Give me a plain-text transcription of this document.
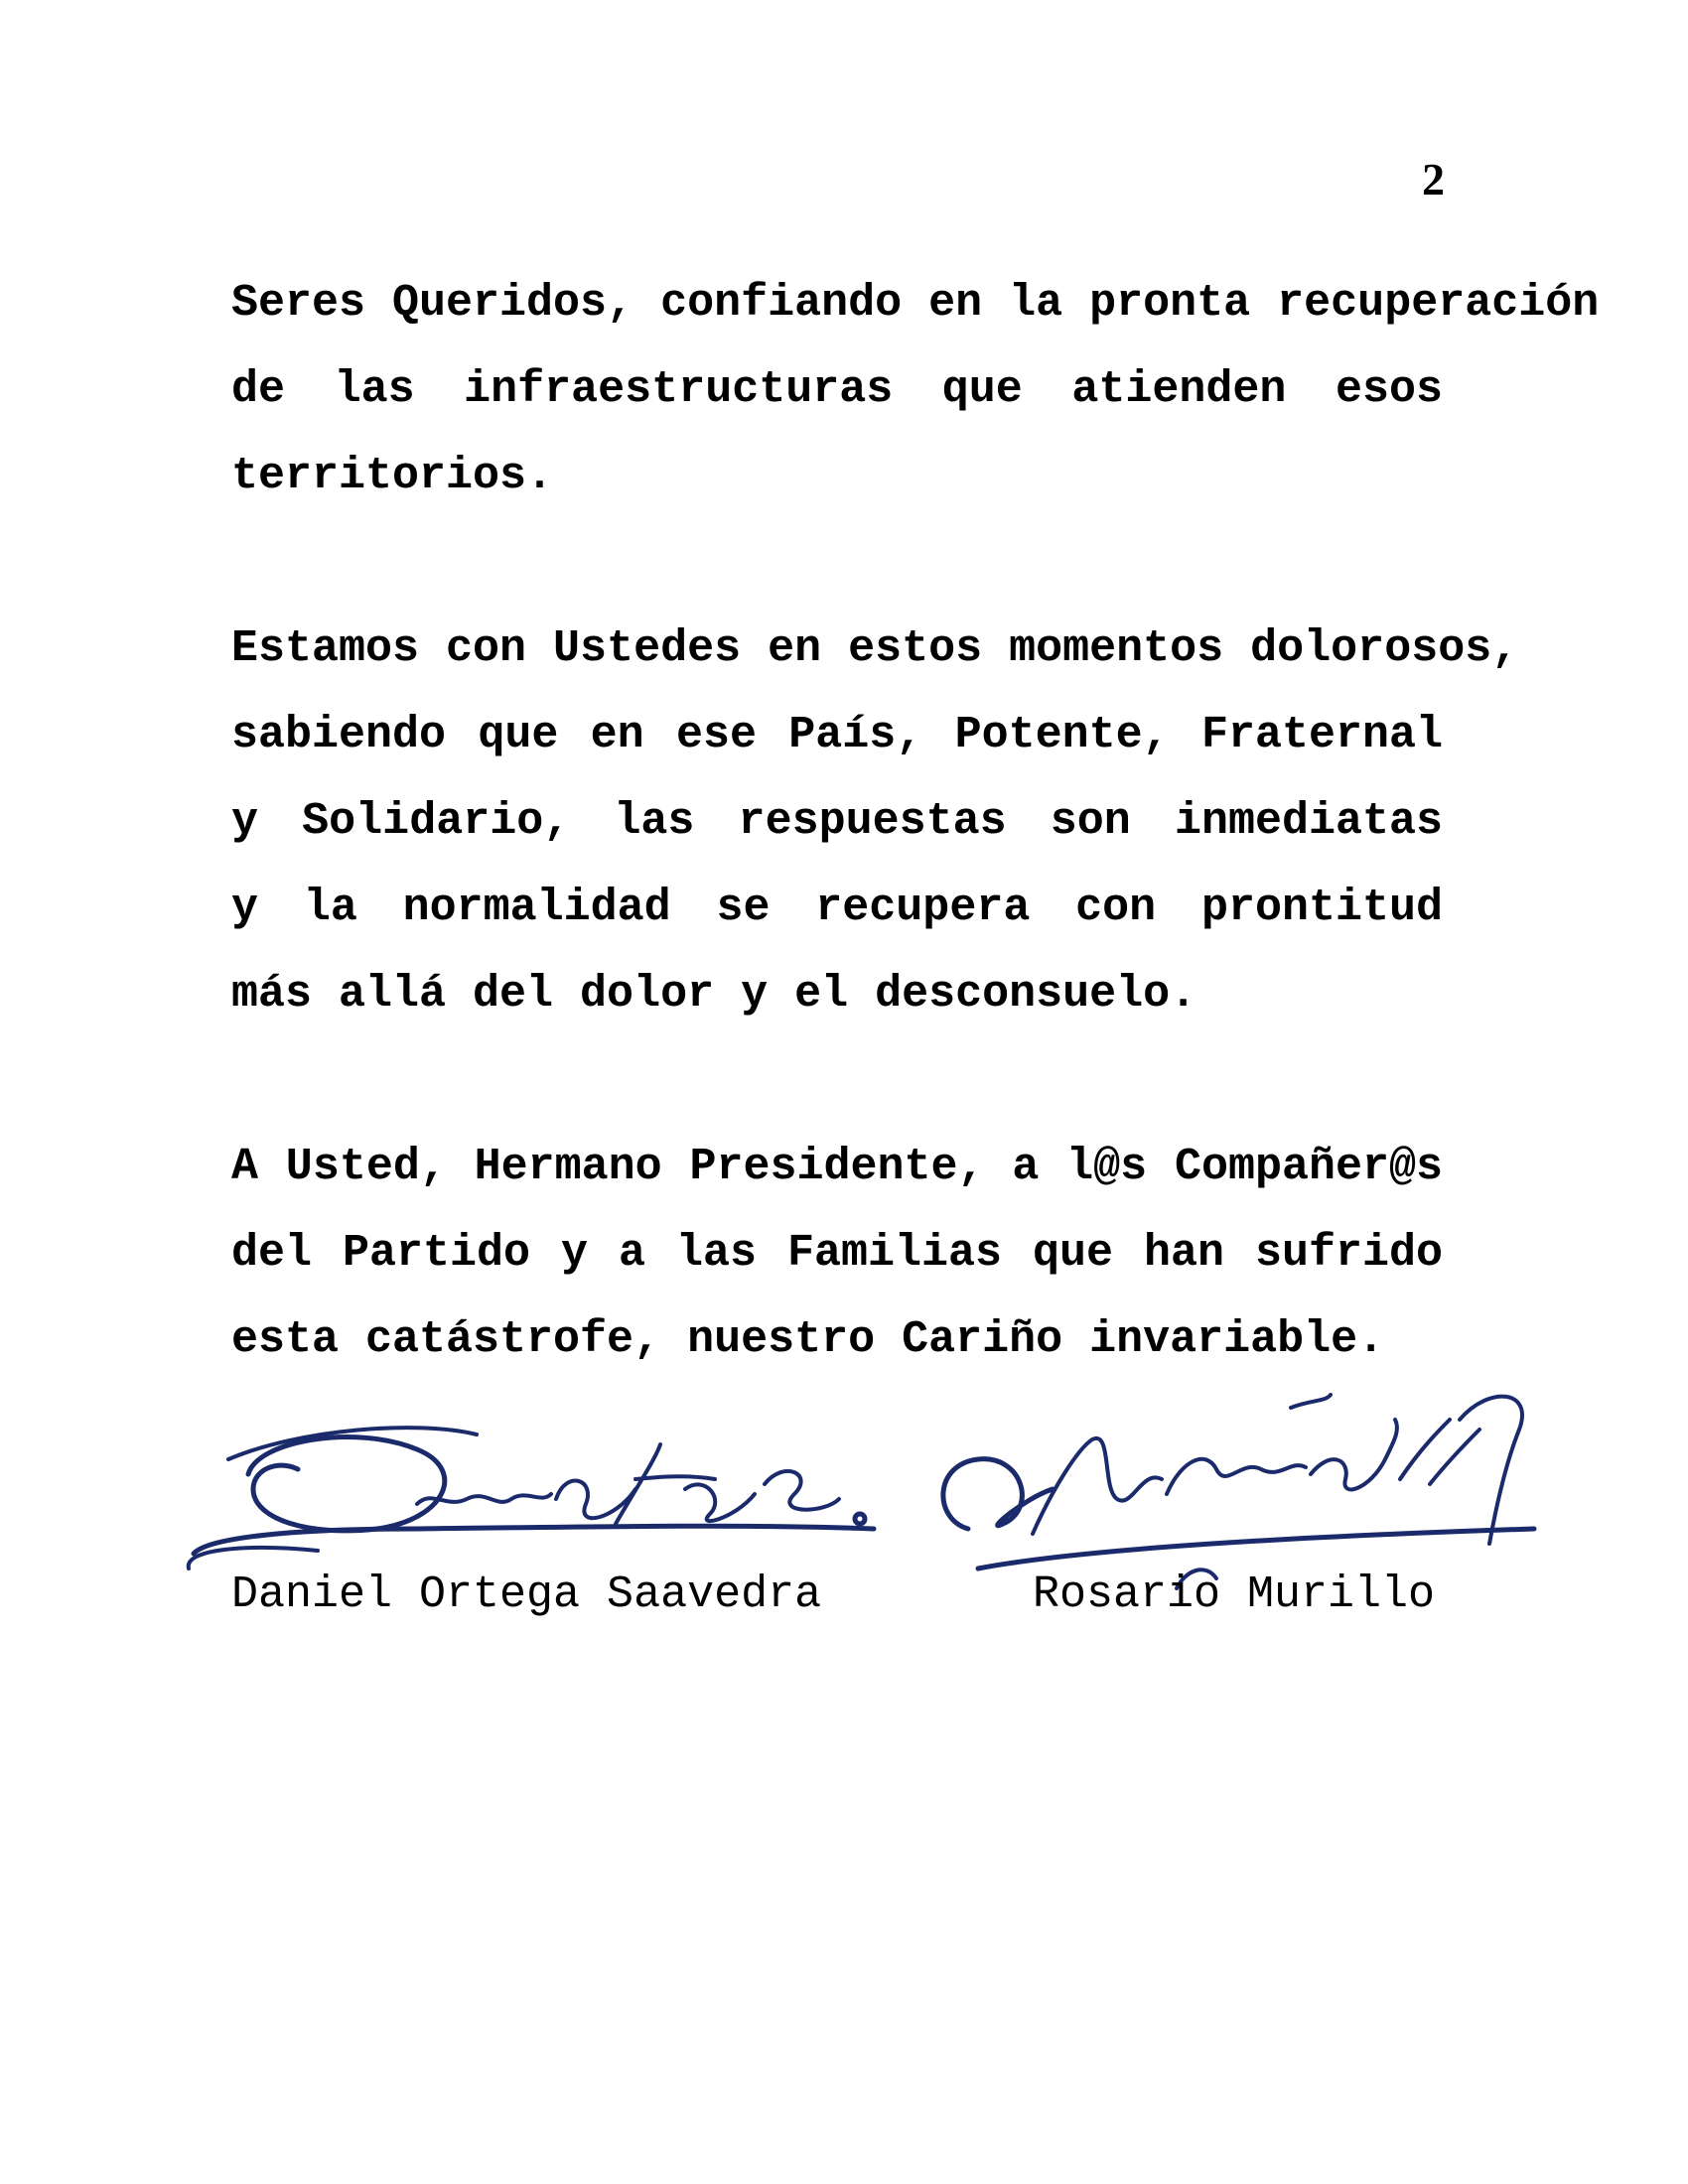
2

Seres Queridos, confiando en la pronta recuperación
de las infraestructuras que atienden esos
territorios.

Estamos con Ustedes en estos momentos dolorosos,
sabiendo que en ese País, Potente, Fraternal
y Solidario, las respuestas son inmediatas
y la normalidad se recupera con prontitud
más allá del dolor y el desconsuelo.

A Usted, Hermano Presidente, a l@s Compañer@s
del Partido y a las Familias que han sufrido
esta catástrofe, nuestro Cariño invariable.

Daniel Ortega Saavedra	Rosario Murillo
